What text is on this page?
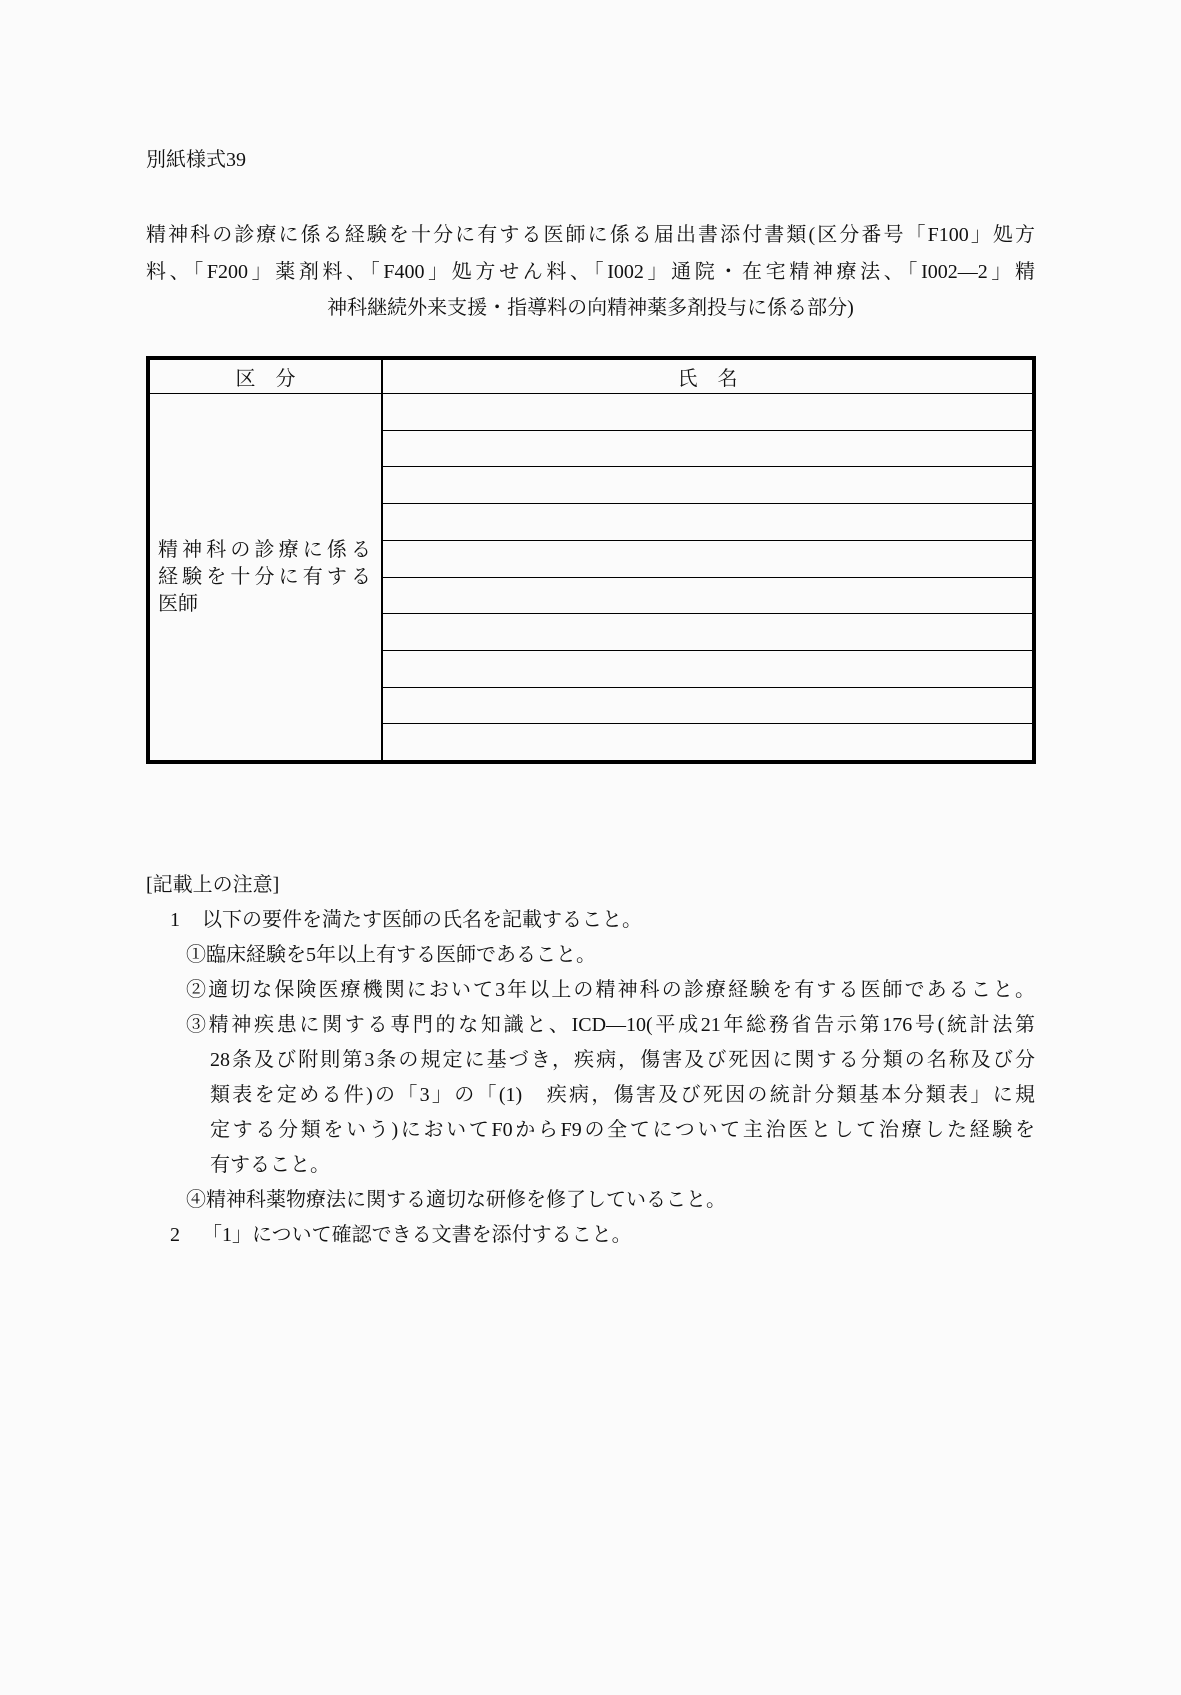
別紙様式39
精神科の診療に係る経験を十分に有する医師に係る届出書添付書類(区分番号「F100」処方
料、「F200」薬剤料、「F400」処方せん料、「I002」通院・在宅精神療法、「I002―2」精
神科継続外来支援・指導料の向精神薬多剤投与に係る部分)
区　分	氏　名
精神科の診療に係る
経験を十分に有する
医師
[記載上の注意]
1 以下の要件を満たす医師の氏名を記載すること。
①臨床経験を5年以上有する医師であること。
②適切な保険医療機関において3年以上の精神科の診療経験を有する医師であること。
③精神疾患に関する専門的な知識と、ICD―10(平成21年総務省告示第176号(統計法第
28条及び附則第3条の規定に基づき，疾病，傷害及び死因に関する分類の名称及び分
類表を定める件)の「3」の「(1)　疾病，傷害及び死因の統計分類基本分類表」に規
定する分類をいう)においてF0からF9の全てについて主治医として治療した経験を
有すること。
④精神科薬物療法に関する適切な研修を修了していること。
2 「1」について確認できる文書を添付すること。
